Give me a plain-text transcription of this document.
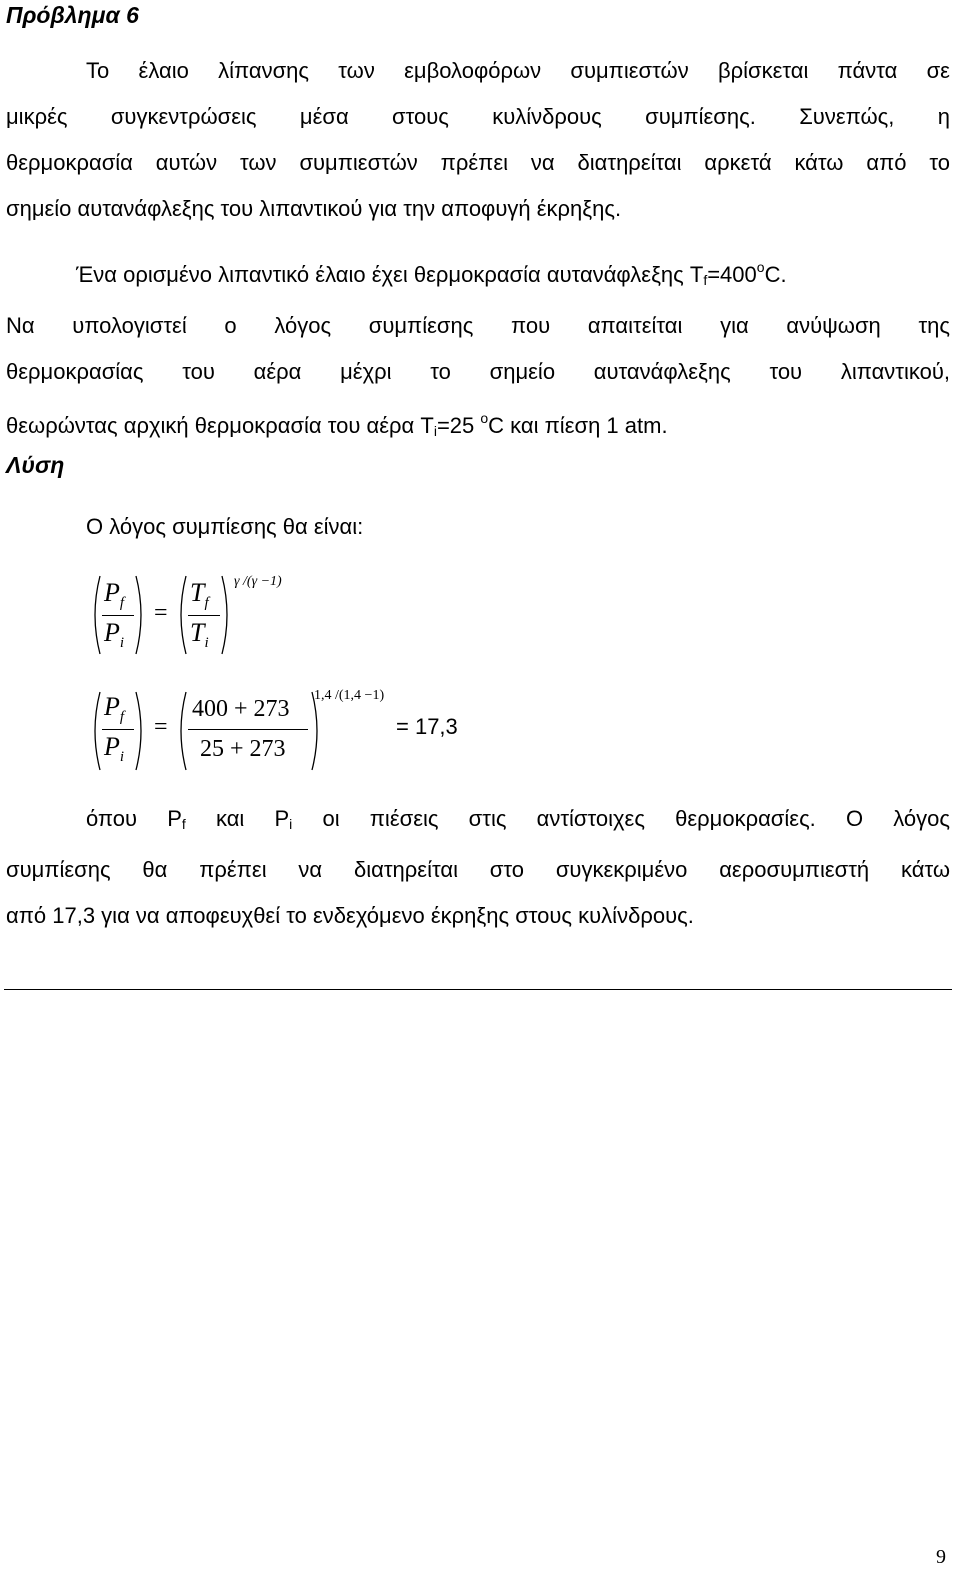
Πρόβλημα 6
Το έλαιο λίπανσης των εμβολοφόρων συμπιεστών βρίσκεται πάντα σε
μικρές συγκεντρώσεις μέσα στους κυλίνδρους συμπίεσης. Συνεπώς, η
θερμοκρασία αυτών των συμπιεστών πρέπει να διατηρείται αρκετά κάτω από το
σημείο αυτανάφλεξης του λιπαντικού για την αποφυγή έκρηξης.
Ένα ορισμένο λιπαντικό έλαιο έχει θερμοκρασία αυτανάφλεξης $T_f=400^oC$.
Να υπολογιστεί ο λόγος συμπίεσης που απαιτείται για ανύψωση της
θερμοκρασίας του αέρα μέχρι το σημείο αυτανάφλεξης του λιπαντικού,
θεωρώντας αρχική θερμοκρασία του αέρα $T_i=25$ $^o$C και πίεση 1 atm.
Λύση
Ο λόγος συμπίεσης θα είναι:
$P_f$
$P_i$
=
$T_f$
$T_i$
γ /(γ −1)
$P_f$
$P_i$
=
400 + 273
25 + 273
1,4 /(1,4 −1)
= 17,3
όπου $P_f$ και $P_i$ οι πιέσεις στις αντίστοιχες θερμοκρασίες. Ο λόγος
συμπίεσης θα πρέπει να διατηρείται στο συγκεκριμένο αεροσυμπιεστή κάτω
από 17,3 για να αποφευχθεί το ενδεχόμενο έκρηξης στους κυλίνδρους.
9
